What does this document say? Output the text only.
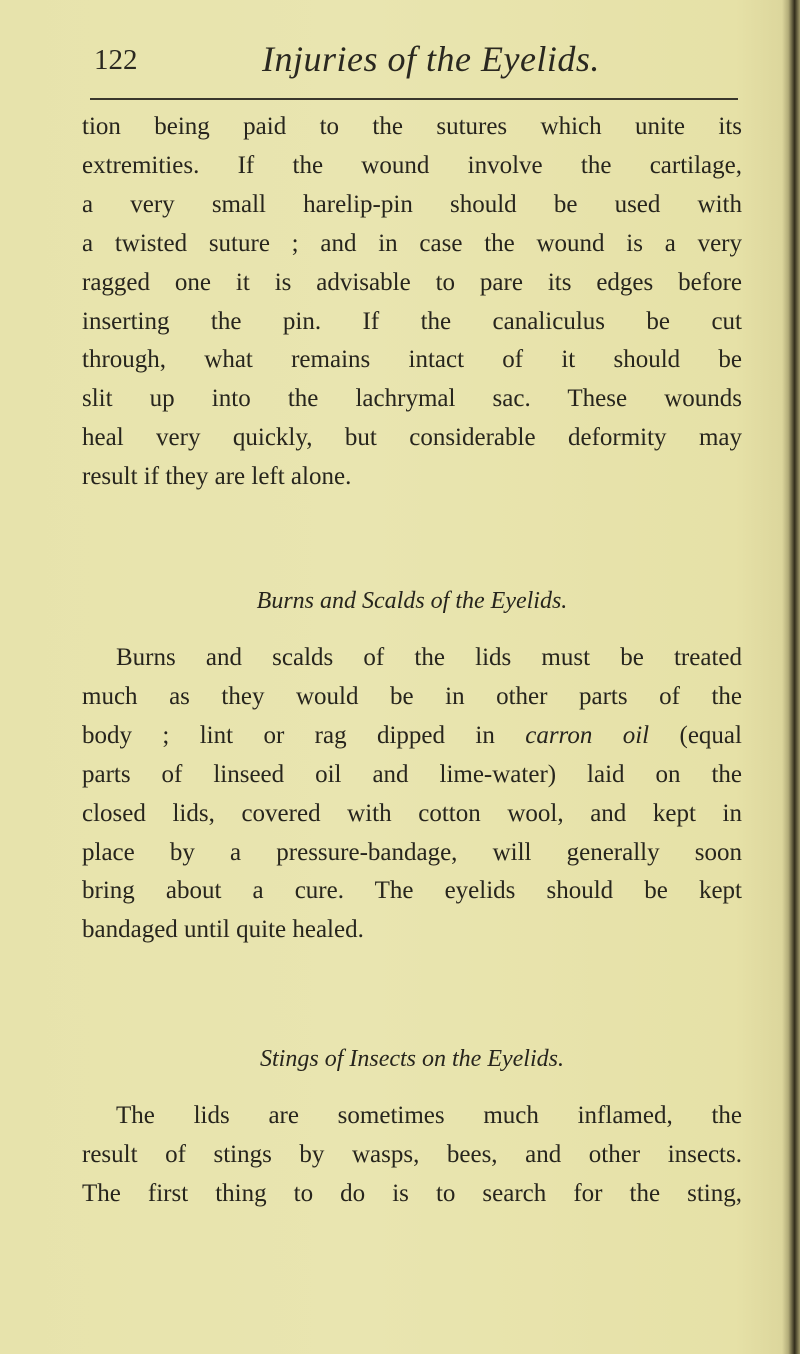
122	Injuries of the Eyelids.
tion being paid to the sutures which unite its
extremities. If the wound involve the cartilage,
a very small harelip-pin should be used with
a twisted suture ; and in case the wound is a very
ragged one it is advisable to pare its edges before
inserting the pin. If the canaliculus be cut
through, what remains intact of it should be
slit up into the lachrymal sac. These wounds
heal very quickly, but considerable deformity may
result if they are left alone.
Burns and Scalds of the Eyelids.
Burns and scalds of the lids must be treated
much as they would be in other parts of the
body ; lint or rag dipped in carron oil (equal
parts of linseed oil and lime-water) laid on the
closed lids, covered with cotton wool, and kept in
place by a pressure-bandage, will generally soon
bring about a cure. The eyelids should be kept
bandaged until quite healed.
Stings of Insects on the Eyelids.
The lids are sometimes much inflamed, the
result of stings by wasps, bees, and other insects.
The first thing to do is to search for the sting,
